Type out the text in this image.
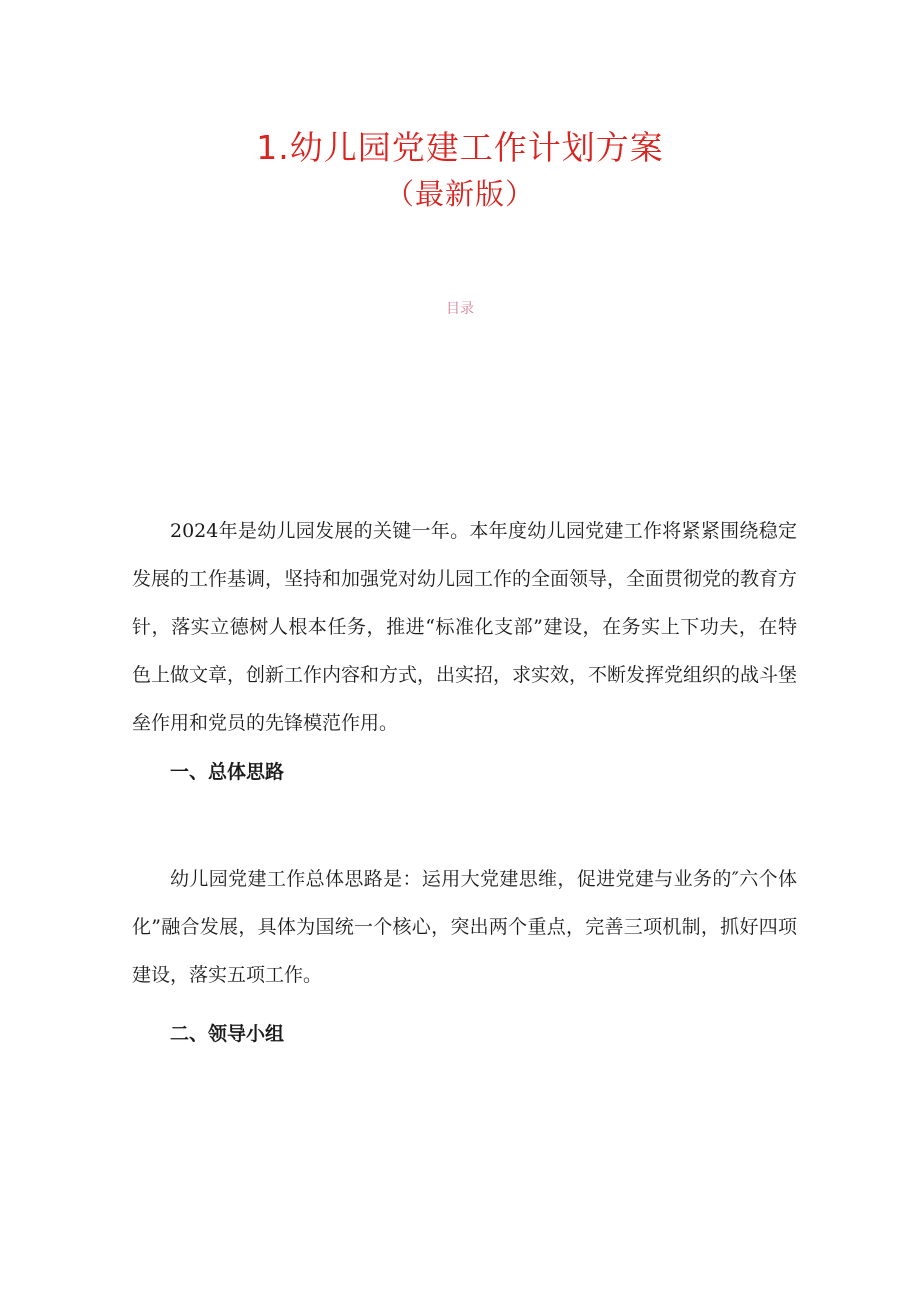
1.幼儿园党建工作计划方案
（最新版）
目录

2024年是幼儿园发展的关键一年。本年度幼儿园党建工作将紧紧围绕稳定发展的工作基调，坚持和加强党对幼儿园工作的全面领导，全面贯彻党的教育方针，落实立德树人根本任务，推进“标准化支部”建设，在务实上下功夫，在特色上做文章，创新工作内容和方式，出实招，求实效，不断发挥党组织的战斗堡垒作用和党员的先锋模范作用。

一、总体思路

幼儿园党建工作总体思路是：运用大党建思维，促进党建与业务的″六个体化”融合发展，具体为国统一个核心，突出两个重点，完善三项机制，抓好四项建设，落实五项工作。

二、领导小组
